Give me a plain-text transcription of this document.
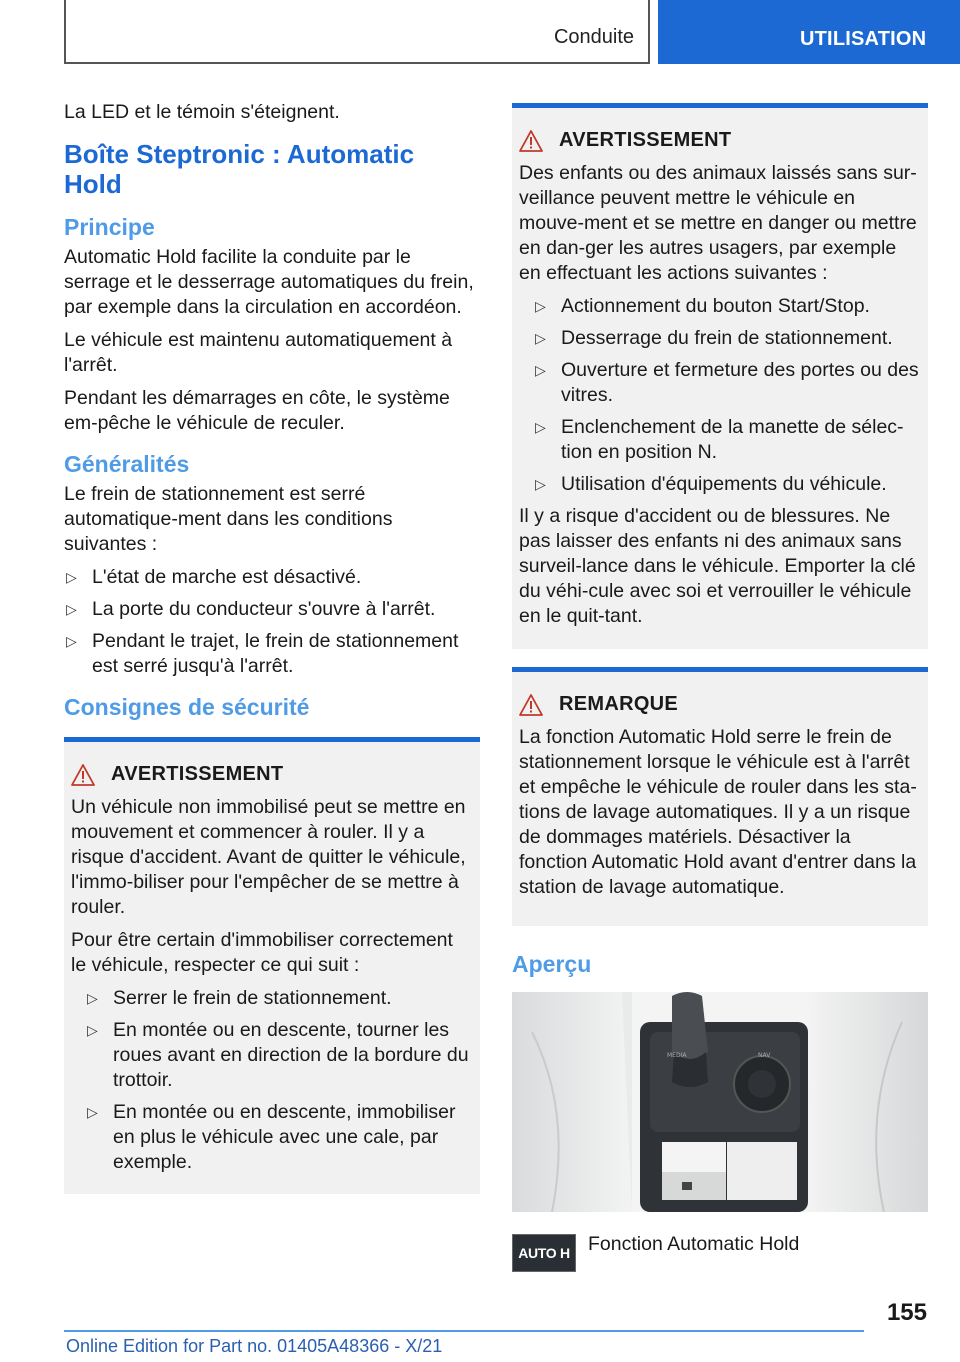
Conduite	UTILISATION

La LED et le témoin s'éteignent.

Boîte Steptronic : Automatic
Hold
Principe

Automatic Hold facilite la conduite par le serrage et le desserrage automatiques du frein, par exemple dans la circulation en accordéon.

Le véhicule est maintenu automatiquement à l'arrêt.

Pendant les démarrages en côte, le système em‐pêche le véhicule de reculer.

Généralités

Le frein de stationnement est serré automatique‐ment dans les conditions suivantes :

▷ L'état de marche est désactivé.
▷ La porte du conducteur s'ouvre à l'arrêt.
▷ Pendant le trajet, le frein de stationnement est serré jusqu'à l'arrêt.
Consignes de sécurité
AVERTISSEMENT

Un véhicule non immobilisé peut se mettre en mouvement et commencer à rouler. Il y a risque d'accident. Avant de quitter le véhicule, l'immo‐biliser pour l'empêcher de se mettre à rouler.

Pour être certain d'immobiliser correctement le véhicule, respecter ce qui suit :

▷ Serrer le frein de stationnement.
▷ En montée ou en descente, tourner les roues avant en direction de la bordure du trottoir.
▷ En montée ou en descente, immobiliser en plus le véhicule avec une cale, par exemple.
AVERTISSEMENT

Des enfants ou des animaux laissés sans sur‐veillance peuvent mettre le véhicule en mouve‐ment et se mettre en danger ou mettre en dan‐ger les autres usagers, par exemple en effectuant les actions suivantes :

▷ Actionnement du bouton Start/Stop.
▷ Desserrage du frein de stationnement.
▷ Ouverture et fermeture des portes ou des vitres.
▷ Enclenchement de la manette de sélec‐tion en position N.
▷ Utilisation d'équipements du véhicule.

Il y a risque d'accident ou de blessures. Ne pas laisser des enfants ni des animaux sans surveil‐lance dans le véhicule. Emporter la clé du véhi‐cule avec soi et verrouiller le véhicule en le quit‐tant.

REMARQUE

La fonction Automatic Hold serre le frein de stationnement lorsque le véhicule est à l'arrêt et empêche le véhicule de rouler dans les sta‐tions de lavage automatiques. Il y a un risque de dommages matériels. Désactiver la fonction Automatic Hold avant d'entrer dans la station de lavage automatique.

Aperçu
MEDIA	NAV
AUTO H Fonction Automatic Hold
155
Online Edition for Part no. 01405A48366 - X/21
